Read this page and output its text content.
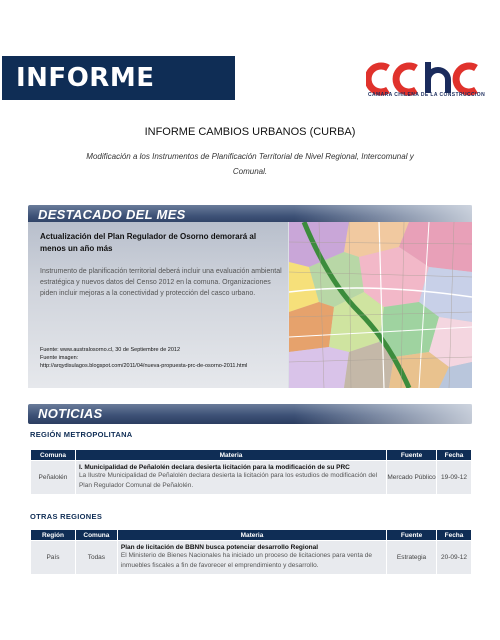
INFORME CURBA
CAMARA CHILENA DE LA CONSTRUCCION
INFORME CAMBIOS URBANOS (CURBA)
Modificación a los Instrumentos de Planificación Territorial de Nivel Regional, Intercomunal y Comunal.
DESTACADO DEL MES
Actualización del Plan Regulador de Osorno demorará al menos un año más
Instrumento de planificación territorial deberá incluir una evaluación ambiental estratégica y nuevos datos del Censo 2012 en la comuna. Organizaciones piden incluir mejoras a la conectividad y protección del casco urbano.
Fuente: www.australosorno.cl, 30 de Septiembre de 2012
Fuente imagen:
http://arqydisulagos.blogspot.com/2011/04/nueva-propuesta-prc-de-osorno-2011.html
NOTICIAS
REGIÓN METROPOLITANA
Comuna	Materia	Fuente	Fecha
Peñalolén	I. Municipalidad de Peñalolén declara desierta licitación para la modificación de su PRC
La Ilustre Municipalidad de Peñalolén declara desierta la licitación para los estudios de modificación del Plan Regulador Comunal de Peñalolén.	Mercado Público	19-09-12
OTRAS REGIONES
Región	Comuna	Materia	Fuente	Fecha
País	Todas	Plan de licitación de BBNN busca potenciar desarrollo Regional
El Ministerio de Bienes Nacionales ha iniciado un proceso de licitaciones para venta de inmuebles fiscales a fin de favorecer el emprendimiento y desarrollo.	Estrategia	20-09-12
